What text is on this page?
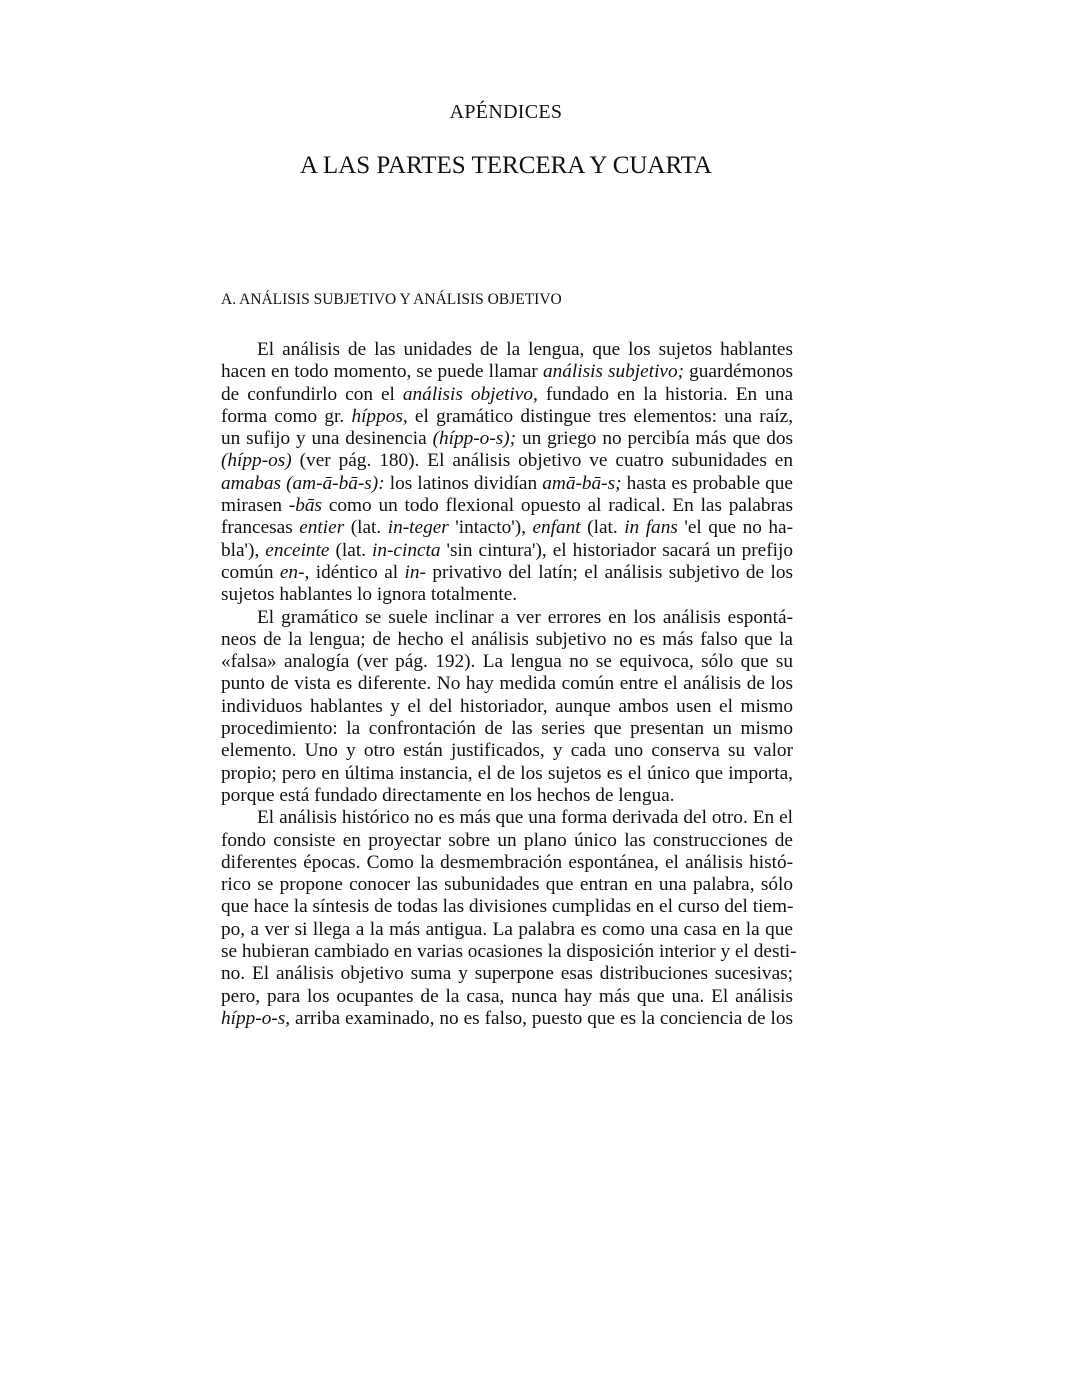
APÉNDICES
A LAS PARTES TERCERA Y CUARTA
A. ANÁLISIS SUBJETIVO Y ANÁLISIS OBJETIVO
El análisis de las unidades de la lengua, que los sujetos hablantes
hacen en todo momento, se puede llamar análisis subjetivo; guardémonos
de confundirlo con el análisis objetivo, fundado en la historia. En una
forma como gr. híppos, el gramático distingue tres elementos: una raíz,
un sufijo y una desinencia (hípp-o-s); un griego no percibía más que dos
(hípp-os) (ver pág. 180). El análisis objetivo ve cuatro subunidades en
amabas (am-ā-bā-s): los latinos dividían amā-bā-s; hasta es probable que
mirasen -bās como un todo flexional opuesto al radical. En las palabras
francesas entier (lat. in-teger 'intacto'), enfant (lat. in fans 'el que no ha-
bla'), enceinte (lat. in-cincta 'sin cintura'), el historiador sacará un prefijo
común en-, idéntico al in- privativo del latín; el análisis subjetivo de los
sujetos hablantes lo ignora totalmente.
El gramático se suele inclinar a ver errores en los análisis espontá-
neos de la lengua; de hecho el análisis subjetivo no es más falso que la
«falsa» analogía (ver pág. 192). La lengua no se equivoca, sólo que su
punto de vista es diferente. No hay medida común entre el análisis de los
individuos hablantes y el del historiador, aunque ambos usen el mismo
procedimiento: la confrontación de las series que presentan un mismo
elemento. Uno y otro están justificados, y cada uno conserva su valor
propio; pero en última instancia, el de los sujetos es el único que importa,
porque está fundado directamente en los hechos de lengua.
El análisis histórico no es más que una forma derivada del otro. En el
fondo consiste en proyectar sobre un plano único las construcciones de
diferentes épocas. Como la desmembración espontánea, el análisis histó-
rico se propone conocer las subunidades que entran en una palabra, sólo
que hace la síntesis de todas las divisiones cumplidas en el curso del tiem-
po, a ver si llega a la más antigua. La palabra es como una casa en la que
se hubieran cambiado en varias ocasiones la disposición interior y el desti-
no. El análisis objetivo suma y superpone esas distribuciones sucesivas;
pero, para los ocupantes de la casa, nunca hay más que una. El análisis
hípp-o-s, arriba examinado, no es falso, puesto que es la conciencia de los
